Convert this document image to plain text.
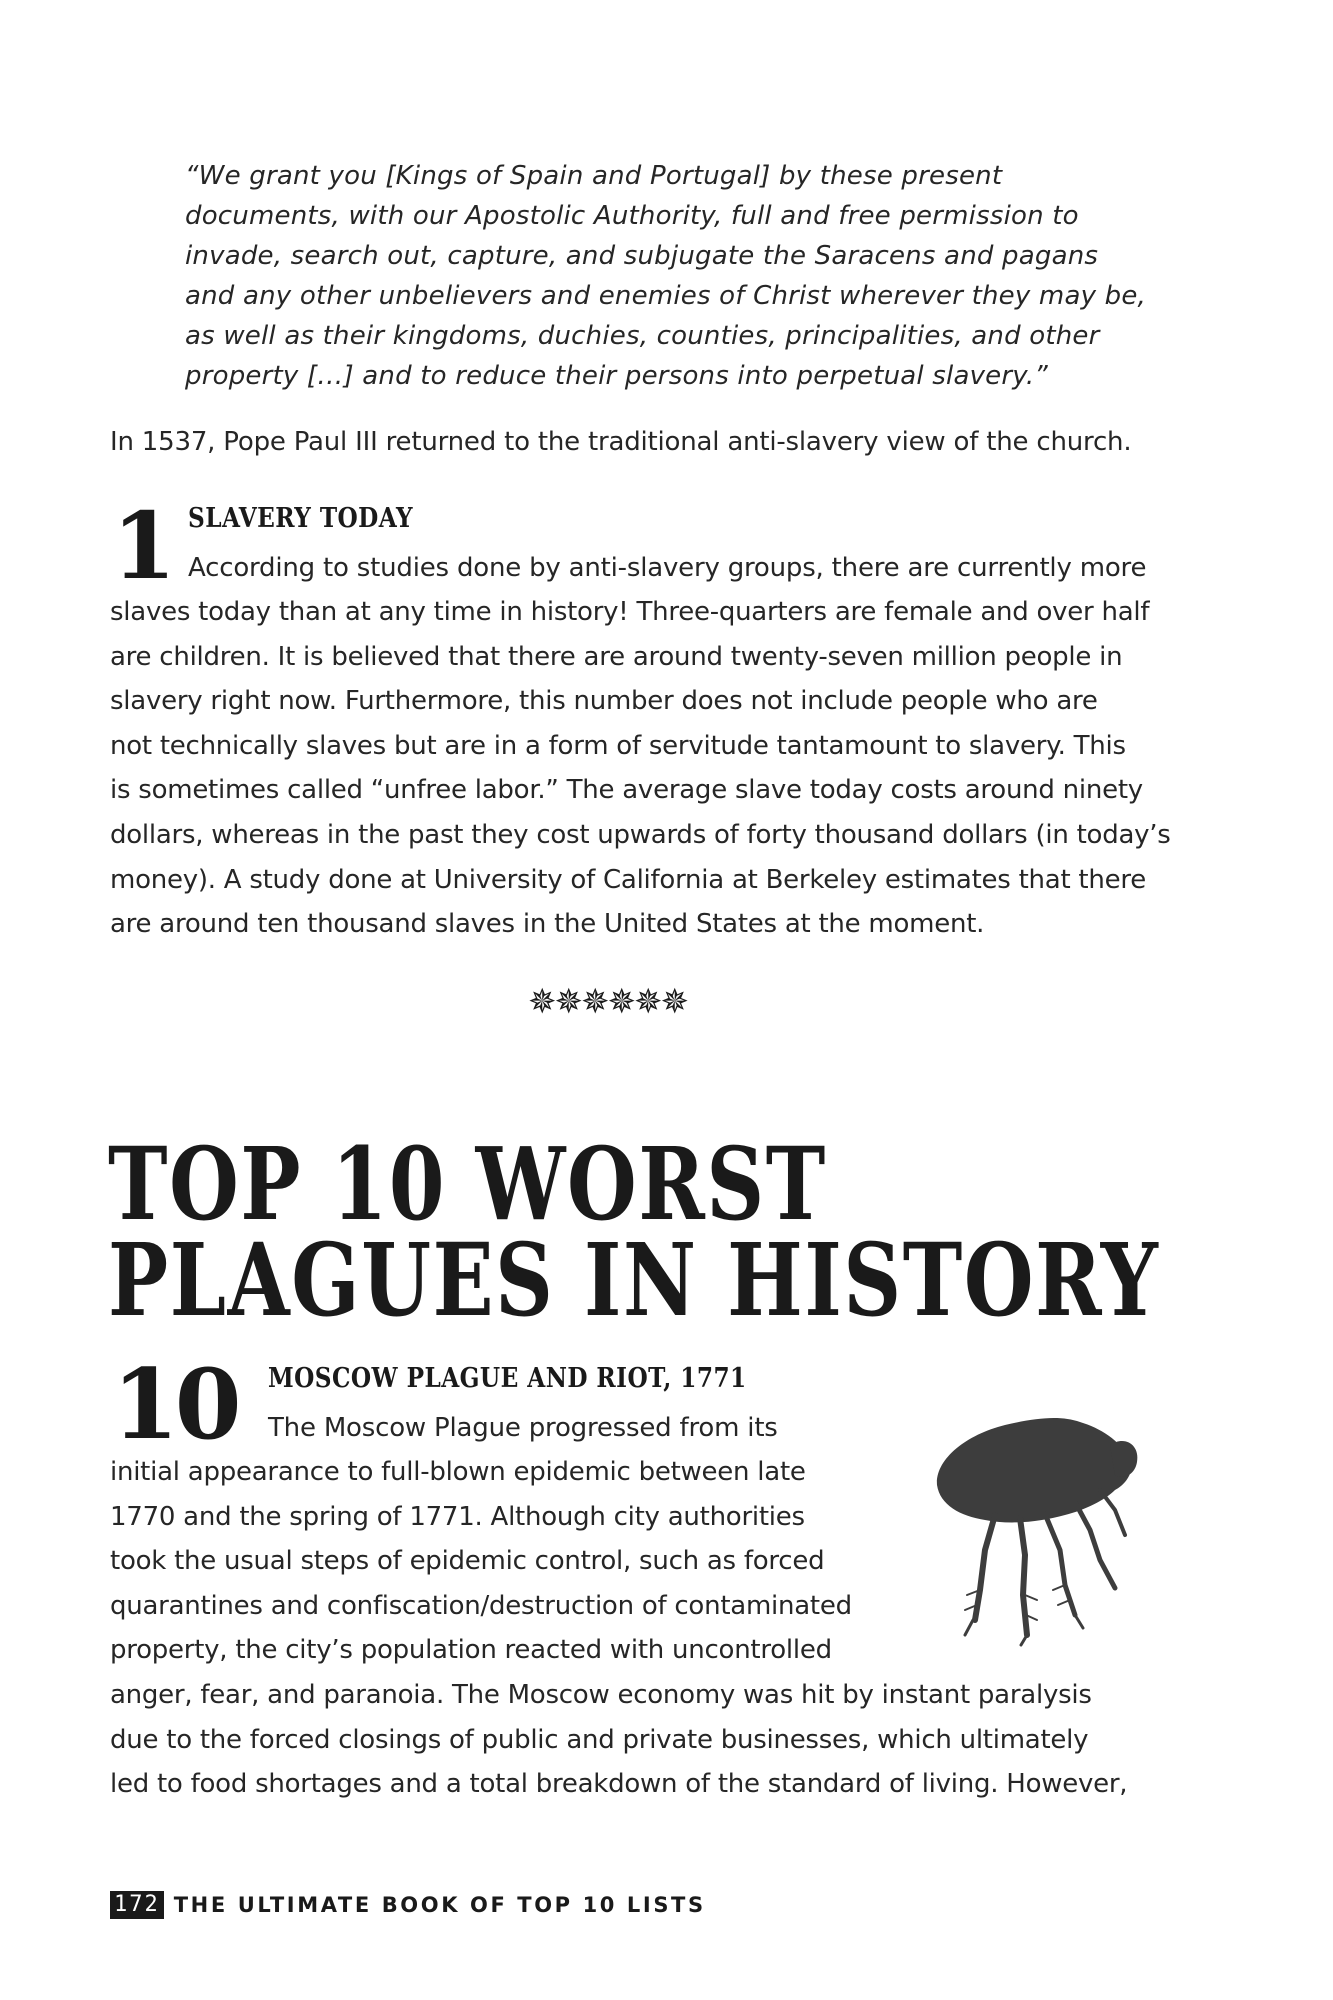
“We grant you [Kings of Spain and Portugal] by these present
documents, with our Apostolic Authority, full and free permission to
invade, search out, capture, and subjugate the Saracens and pagans
and any other unbelievers and enemies of Christ wherever they may be,
as well as their kingdoms, duchies, counties, principalities, and other
property […] and to reduce their persons into perpetual slavery.”
In 1537, Pope Paul III returned to the traditional anti-slavery view of the church.
1 SLAVERY TODAY
According to studies done by anti-slavery groups, there are currently more
slaves today than at any time in history! Three-quarters are female and over half
are children. It is believed that there are around twenty-seven million people in
slavery right now. Furthermore, this number does not include people who are
not technically slaves but are in a form of servitude tantamount to slavery. This
is sometimes called “unfree labor.” The average slave today costs around ninety
dollars, whereas in the past they cost upwards of forty thousand dollars (in today’s
money). A study done at University of California at Berkeley estimates that there
are around ten thousand slaves in the United States at the moment.
✵✵✵✵✵✵
TOP 10 WORST
PLAGUES IN HISTORY
10 MOSCOW PLAGUE AND RIOT, 1771
The Moscow Plague progressed from its
initial appearance to full-blown epidemic between late
1770 and the spring of 1771. Although city authorities
took the usual steps of epidemic control, such as forced
quarantines and confiscation/destruction of contaminated
property, the city’s population reacted with uncontrolled
anger, fear, and paranoia. The Moscow economy was hit by instant paralysis
due to the forced closings of public and private businesses, which ultimately
led to food shortages and a total breakdown of the standard of living. However,
172 THE ULTIMATE BOOK OF TOP 10 LISTS
